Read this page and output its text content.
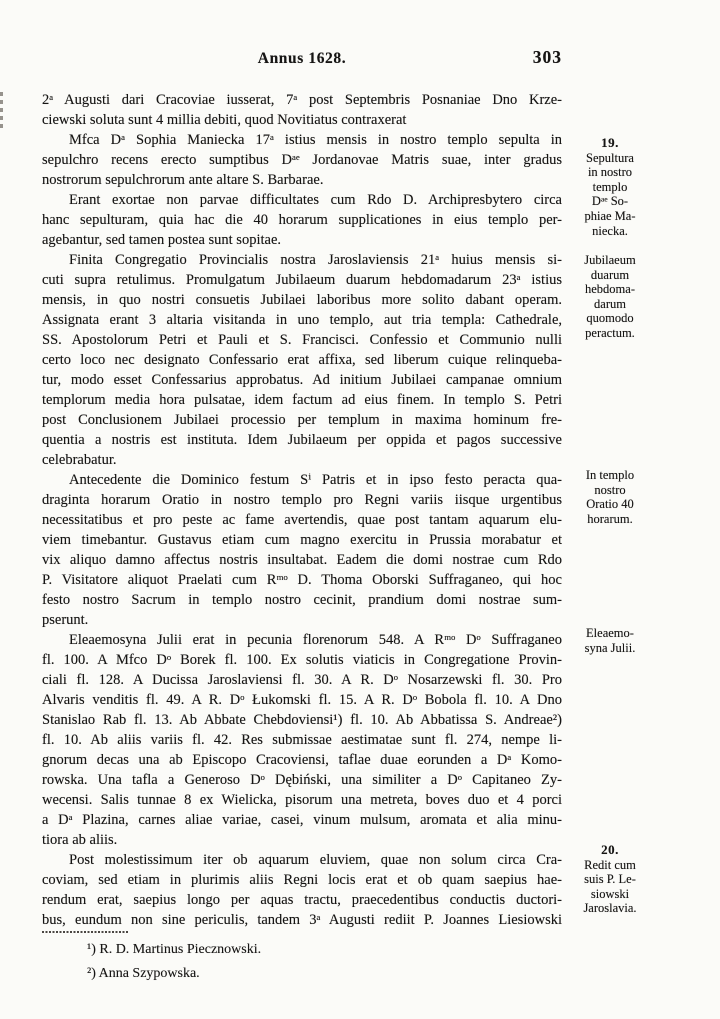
Annus 1628.	303
2ᵃ Augusti dari Cracoviae iusserat, 7ᵃ post Septembris Posnaniae Dno Krze-
ciewski soluta sunt 4 millia debiti, quod Novitiatus contraxerat
Mfca Dᵃ Sophia Maniecka 17ᵃ istius mensis in nostro templo sepulta in
sepulchro recens erecto sumptibus Dᵃᵉ Jordanovae Matris suae, inter gradus
nostrorum sepulchrorum ante altare S. Barbarae.
Erant exortae non parvae difficultates cum Rdo D. Archipresbytero circa
hanc sepulturam, quia hac die 40 horarum supplicationes in eius templo per-
agebantur, sed tamen postea sunt sopitae.
Finita Congregatio Provincialis nostra Jaroslaviensis 21ᵃ huius mensis si-
cuti supra retulimus. Promulgatum Jubilaeum duarum hebdomadarum 23ᵃ istius
mensis, in quo nostri consuetis Jubilaei laboribus more solito dabant operam.
Assignata erant 3 altaria visitanda in uno templo, aut tria templa: Cathedrale,
SS. Apostolorum Petri et Pauli et S. Francisci. Confessio et Communio nulli
certo loco nec designato Confessario erat affixa, sed liberum cuique relinqueba-
tur, modo esset Confessarius approbatus. Ad initium Jubilaei campanae omnium
templorum media hora pulsatae, idem factum ad eius finem. In templo S. Petri
post Conclusionem Jubilaei processio per templum in maxima hominum fre-
quentia a nostris est instituta. Idem Jubilaeum per oppida et pagos successive
celebrabatur.
Antecedente die Dominico festum Sⁱ Patris et in ipso festo peracta qua-
draginta horarum Oratio in nostro templo pro Regni variis iisque urgentibus
necessitatibus et pro peste ac fame avertendis, quae post tantam aquarum elu-
viem timebantur. Gustavus etiam cum magno exercitu in Prussia morabatur et
vix aliquo damno affectus nostris insultabat. Eadem die domi nostrae cum Rdo
P. Visitatore aliquot Praelati cum Rᵐᵒ D. Thoma Oborski Suffraganeo, qui hoc
festo nostro Sacrum in templo nostro cecinit, prandium domi nostrae sum-
pserunt.
Eleaemosyna Julii erat in pecunia florenorum 548. A Rᵐᵒ Dᵒ Suffraganeo
fl. 100. A Mfco Dᵒ Borek fl. 100. Ex solutis viaticis in Congregatione Provin-
ciali fl. 128. A Ducissa Jaroslaviensi fl. 30. A R. Dᵒ Nosarzewski fl. 30. Pro
Alvaris venditis fl. 49. A R. Dᵒ Łukomski fl. 15. A R. Dᵒ Bobola fl. 10. A Dno
Stanislao Rab fl. 13. Ab Abbate Chebdoviensi¹) fl. 10. Ab Abbatissa S. Andreae²)
fl. 10. Ab aliis variis fl. 42. Res submissae aestimatae sunt fl. 274, nempe li-
gnorum decas una ab Episcopo Cracoviensi, taflae duae eorunden a Dᵃ Komo-
rowska. Una tafla a Generoso Dᵒ Dębiński, una similiter a Dᵒ Capitaneo Zy-
wecensi. Salis tunnae 8 ex Wielicka, pisorum una metreta, boves duo et 4 porci
a Dᵃ Plazina, carnes aliae variae, casei, vinum mulsum, aromata et alia minu-
tiora ab aliis.
Post molestissimum iter ob aquarum eluviem, quae non solum circa Cra-
coviam, sed etiam in plurimis aliis Regni locis erat et ob quam saepius hae-
rendum erat, saepius longo per aquas tractu, praecedentibus conductis ductori-
bus, eundum non sine periculis, tandem 3ᵃ Augusti rediit P. Joannes Liesiowski
19.
Sepultura
in nostro
templo
Dᵃᵉ So-
phiae Ma-
niecka.
Jubilaeum
duarum
hebdoma-
darum
quomodo
peractum.
In templo
nostro
Oratio 40
horarum.
Eleaemo-
syna Julii.
20.
Redit cum
suis P. Le-
siowski
Jaroslavia.
¹) R. D. Martinus Piecznowski.
²) Anna Szypowska.
